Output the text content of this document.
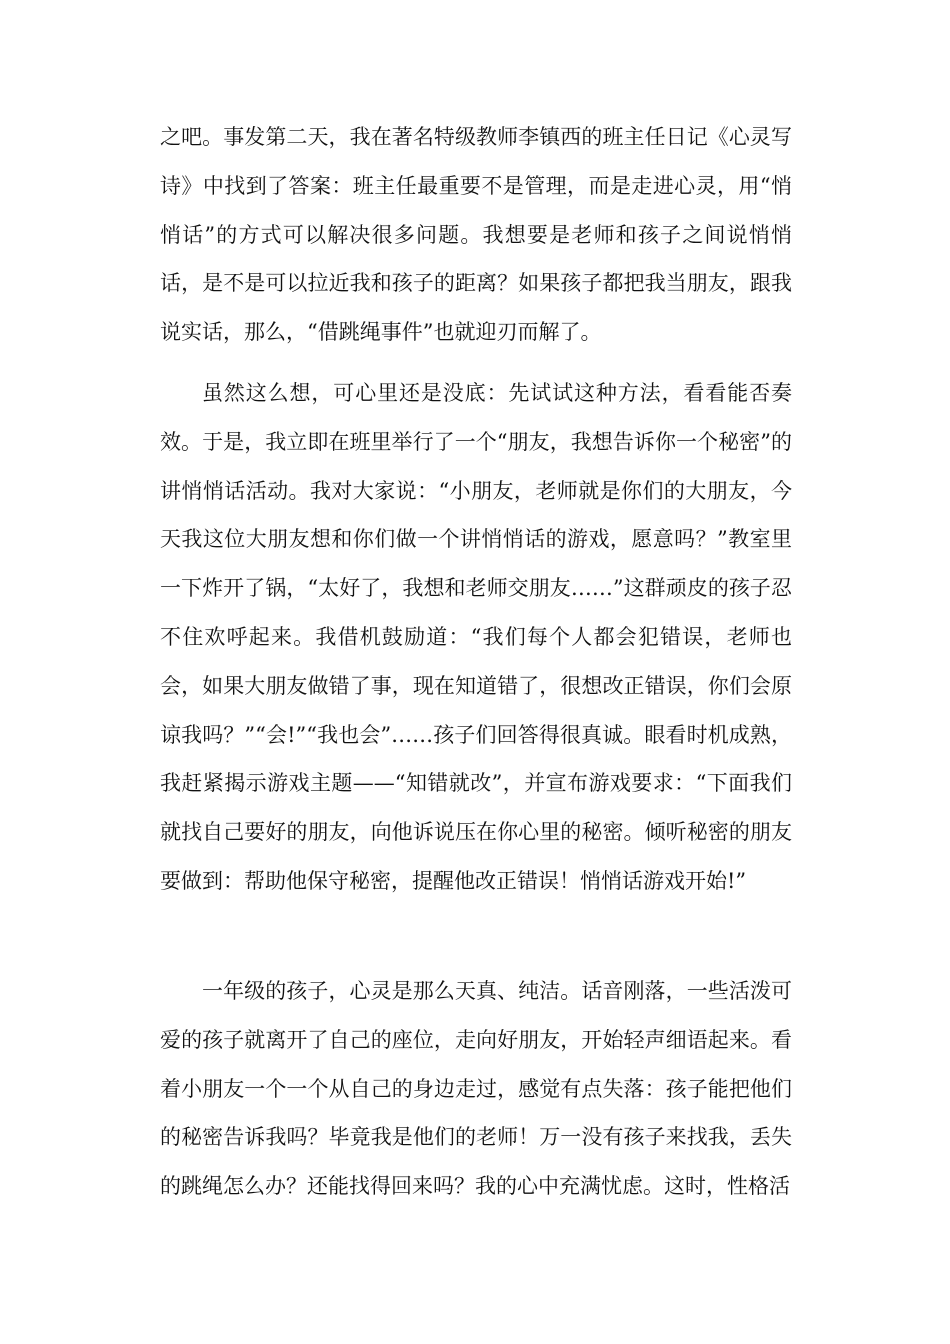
之吧。事发第二天，我在著名特级教师李镇西的班主任日记《心灵写诗》中找到了答案：班主任最重要不是管理，而是走进心灵，用“悄悄话”的方式可以解决很多问题。我想要是老师和孩子之间说悄悄话，是不是可以拉近我和孩子的距离？如果孩子都把我当朋友，跟我说实话，那么，“借跳绳事件”也就迎刃而解了。

虽然这么想，可心里还是没底：先试试这种方法，看看能否奏效。于是，我立即在班里举行了一个“朋友，我想告诉你一个秘密”的讲悄悄话活动。我对大家说：“小朋友，老师就是你们的大朋友，今天我这位大朋友想和你们做一个讲悄悄话的游戏，愿意吗？”教室里一下炸开了锅，“太好了，我想和老师交朋友……”这群顽皮的孩子忍不住欢呼起来。我借机鼓励道：“我们每个人都会犯错误，老师也会，如果大朋友做错了事，现在知道错了，很想改正错误，你们会原谅我吗？”“会!”“我也会”……孩子们回答得很真诚。眼看时机成熟，我赶紧揭示游戏主题——“知错就改”，并宣布游戏要求：“下面我们就找自己要好的朋友，向他诉说压在你心里的秘密。倾听秘密的朋友要做到：帮助他保守秘密，提醒他改正错误！悄悄话游戏开始!”

一年级的孩子，心灵是那么天真、纯洁。话音刚落，一些活泼可爱的孩子就离开了自己的座位，走向好朋友，开始轻声细语起来。看着小朋友一个一个从自己的身边走过，感觉有点失落：孩子能把他们的秘密告诉我吗？毕竟我是他们的老师！万一没有孩子来找我，丢失的跳绳怎么办？还能找得回来吗？我的心中充满忧虑。这时，性格活
